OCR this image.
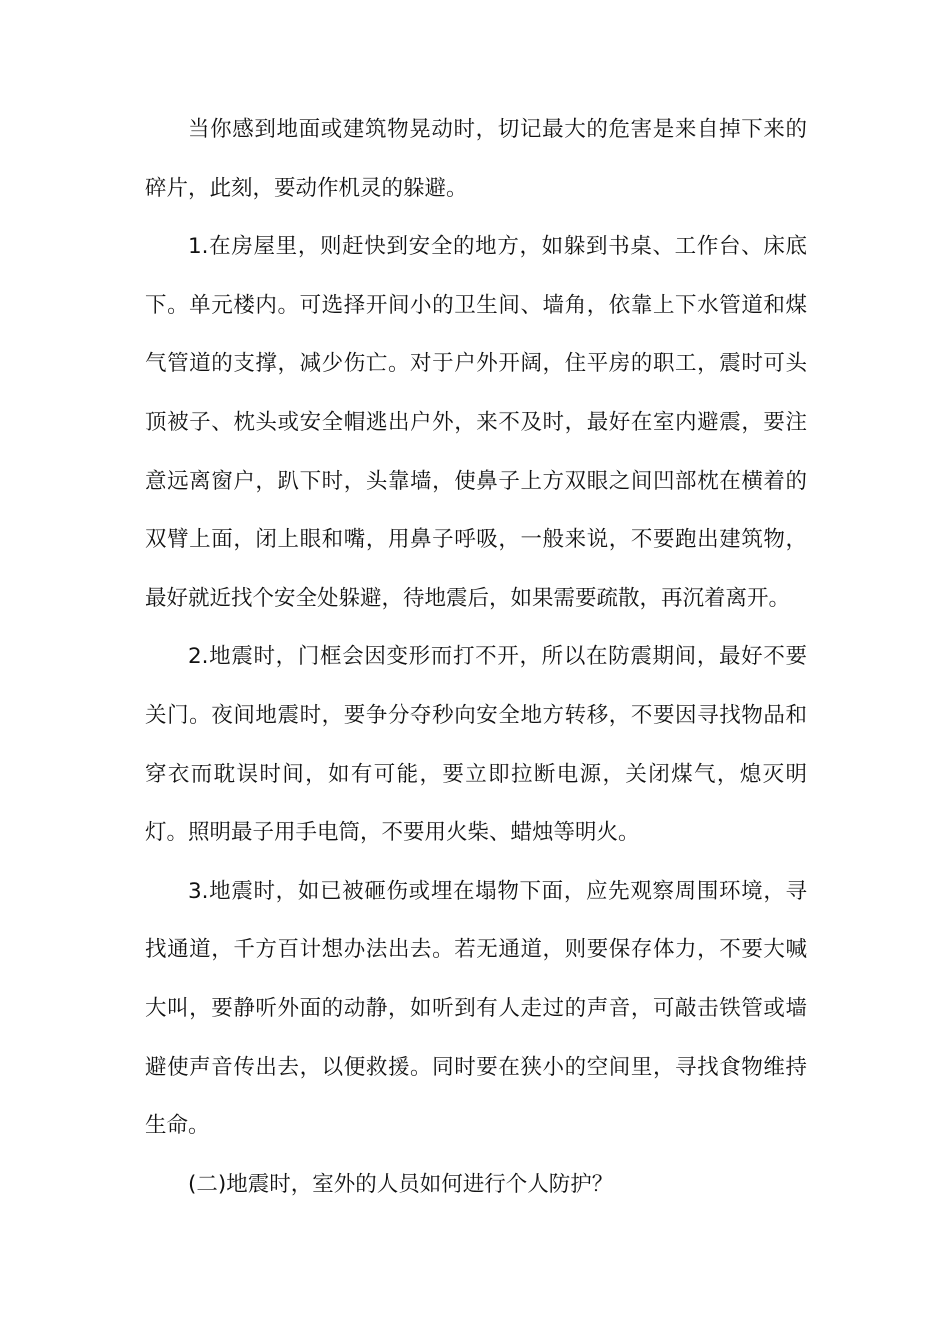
当你感到地面或建筑物晃动时，切记最大的危害是来自掉下来的碎片，此刻，要动作机灵的躲避。

1.在房屋里，则赶快到安全的地方，如躲到书桌、工作台、床底下。单元楼内。可选择开间小的卫生间、墙角，依靠上下水管道和煤气管道的支撑，减少伤亡。对于户外开阔，住平房的职工，震时可头顶被子、枕头或安全帽逃出户外，来不及时，最好在室内避震，要注意远离窗户，趴下时，头靠墙，使鼻子上方双眼之间凹部枕在横着的双臂上面，闭上眼和嘴，用鼻子呼吸，一般来说，不要跑出建筑物，最好就近找个安全处躲避，待地震后，如果需要疏散，再沉着离开。

2.地震时，门框会因变形而打不开，所以在防震期间，最好不要关门。夜间地震时，要争分夺秒向安全地方转移，不要因寻找物品和穿衣而耽误时间，如有可能，要立即拉断电源，关闭煤气，熄灭明灯。照明最子用手电筒，不要用火柴、蜡烛等明火。

3.地震时，如已被砸伤或埋在塌物下面，应先观察周围环境，寻找通道，千方百计想办法出去。若无通道，则要保存体力，不要大喊大叫，要静听外面的动静，如听到有人走过的声音，可敲击铁管或墙避使声音传出去，以便救援。同时要在狭小的空间里，寻找食物维持生命。

(二)地震时，室外的人员如何进行个人防护？
